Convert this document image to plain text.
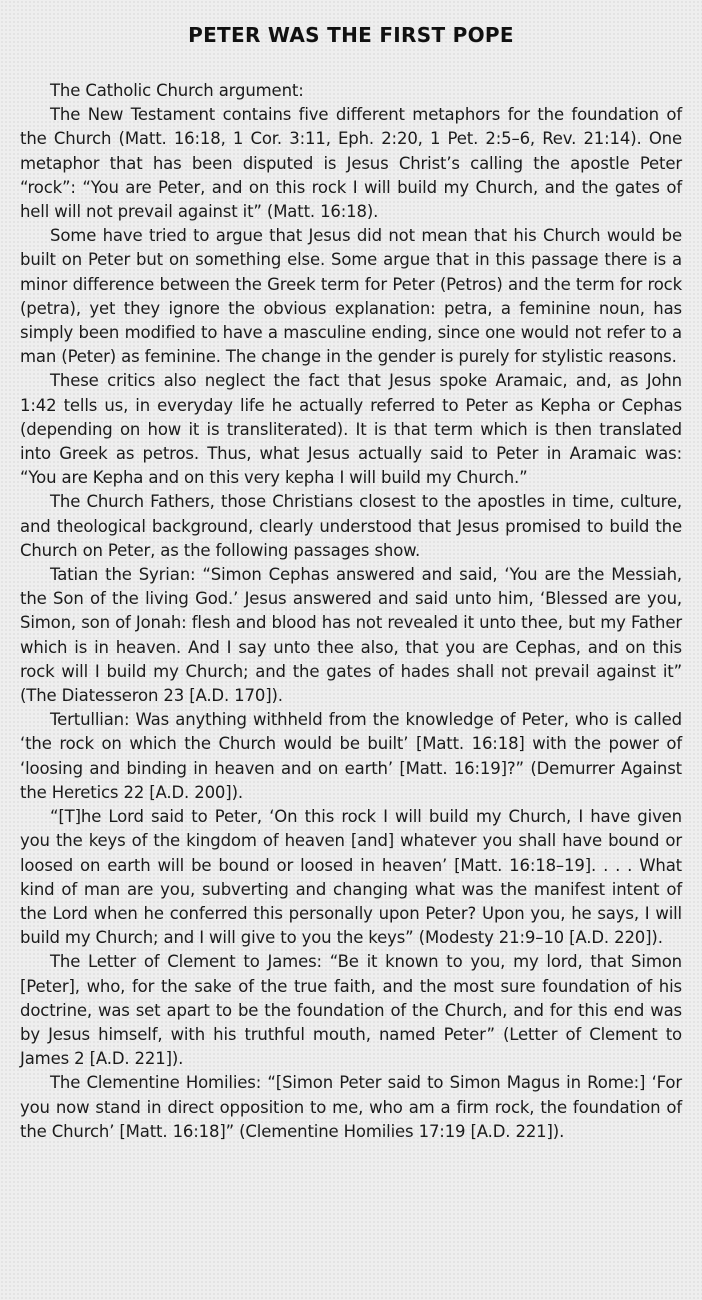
PETER WAS THE FIRST POPE

The Catholic Church argument:

The New Testament contains five different metaphors for the foundation of the Church (Matt. 16:18, 1 Cor. 3:11, Eph. 2:20, 1 Pet. 2:5–6, Rev. 21:14). One metaphor that has been disputed is Jesus Christ’s calling the apostle Peter “rock”: “You are Peter, and on this rock I will build my Church, and the gates of hell will not prevail against it” (Matt. 16:18).

Some have tried to argue that Jesus did not mean that his Church would be built on Peter but on something else. Some argue that in this passage there is a minor difference between the Greek term for Peter (Petros) and the term for rock (petra), yet they ignore the obvious explanation: petra, a feminine noun, has simply been modified to have a masculine ending, since one would not refer to a man (Peter) as feminine. The change in the gender is purely for stylistic reasons.

These critics also neglect the fact that Jesus spoke Aramaic, and, as John 1:42 tells us, in everyday life he actually referred to Peter as Kepha or Cephas (depending on how it is transliterated). It is that term which is then translated into Greek as petros. Thus, what Jesus actually said to Peter in Aramaic was: “You are Kepha and on this very kepha I will build my Church.”

The Church Fathers, those Christians closest to the apostles in time, culture, and theological background, clearly understood that Jesus promised to build the Church on Peter, as the following passages show.

Tatian the Syrian: “Simon Cephas answered and said, ‘You are the Messiah, the Son of the living God.’ Jesus answered and said unto him, ‘Blessed are you, Simon, son of Jonah: flesh and blood has not revealed it unto thee, but my Father which is in heaven. And I say unto thee also, that you are Cephas, and on this rock will I build my Church; and the gates of hades shall not prevail against it” (The Diatesseron 23 [A.D. 170]).

Tertullian: Was anything withheld from the knowledge of Peter, who is called ‘the rock on which the Church would be built’ [Matt. 16:18] with the power of ‘loosing and binding in heaven and on earth’ [Matt. 16:19]?” (Demurrer Against the Heretics 22 [A.D. 200]).

“[T]he Lord said to Peter, ‘On this rock I will build my Church, I have given you the keys of the kingdom of heaven [and] whatever you shall have bound or loosed on earth will be bound or loosed in heaven’ [Matt. 16:18–19]. . . . What kind of man are you, subverting and changing what was the manifest intent of the Lord when he conferred this personally upon Peter? Upon you, he says, I will build my Church; and I will give to you the keys” (Modesty 21:9–10 [A.D. 220]).

The Letter of Clement to James: “Be it known to you, my lord, that Simon [Peter], who, for the sake of the true faith, and the most sure foundation of his doctrine, was set apart to be the foundation of the Church, and for this end was by Jesus himself, with his truthful mouth, named Peter” (Letter of Clement to James 2 [A.D. 221]).

The Clementine Homilies: “[Simon Peter said to Simon Magus in Rome:] ‘For you now stand in direct opposition to me, who am a firm rock, the foundation of the Church’ [Matt. 16:18]” (Clementine Homilies 17:19 [A.D. 221]).
